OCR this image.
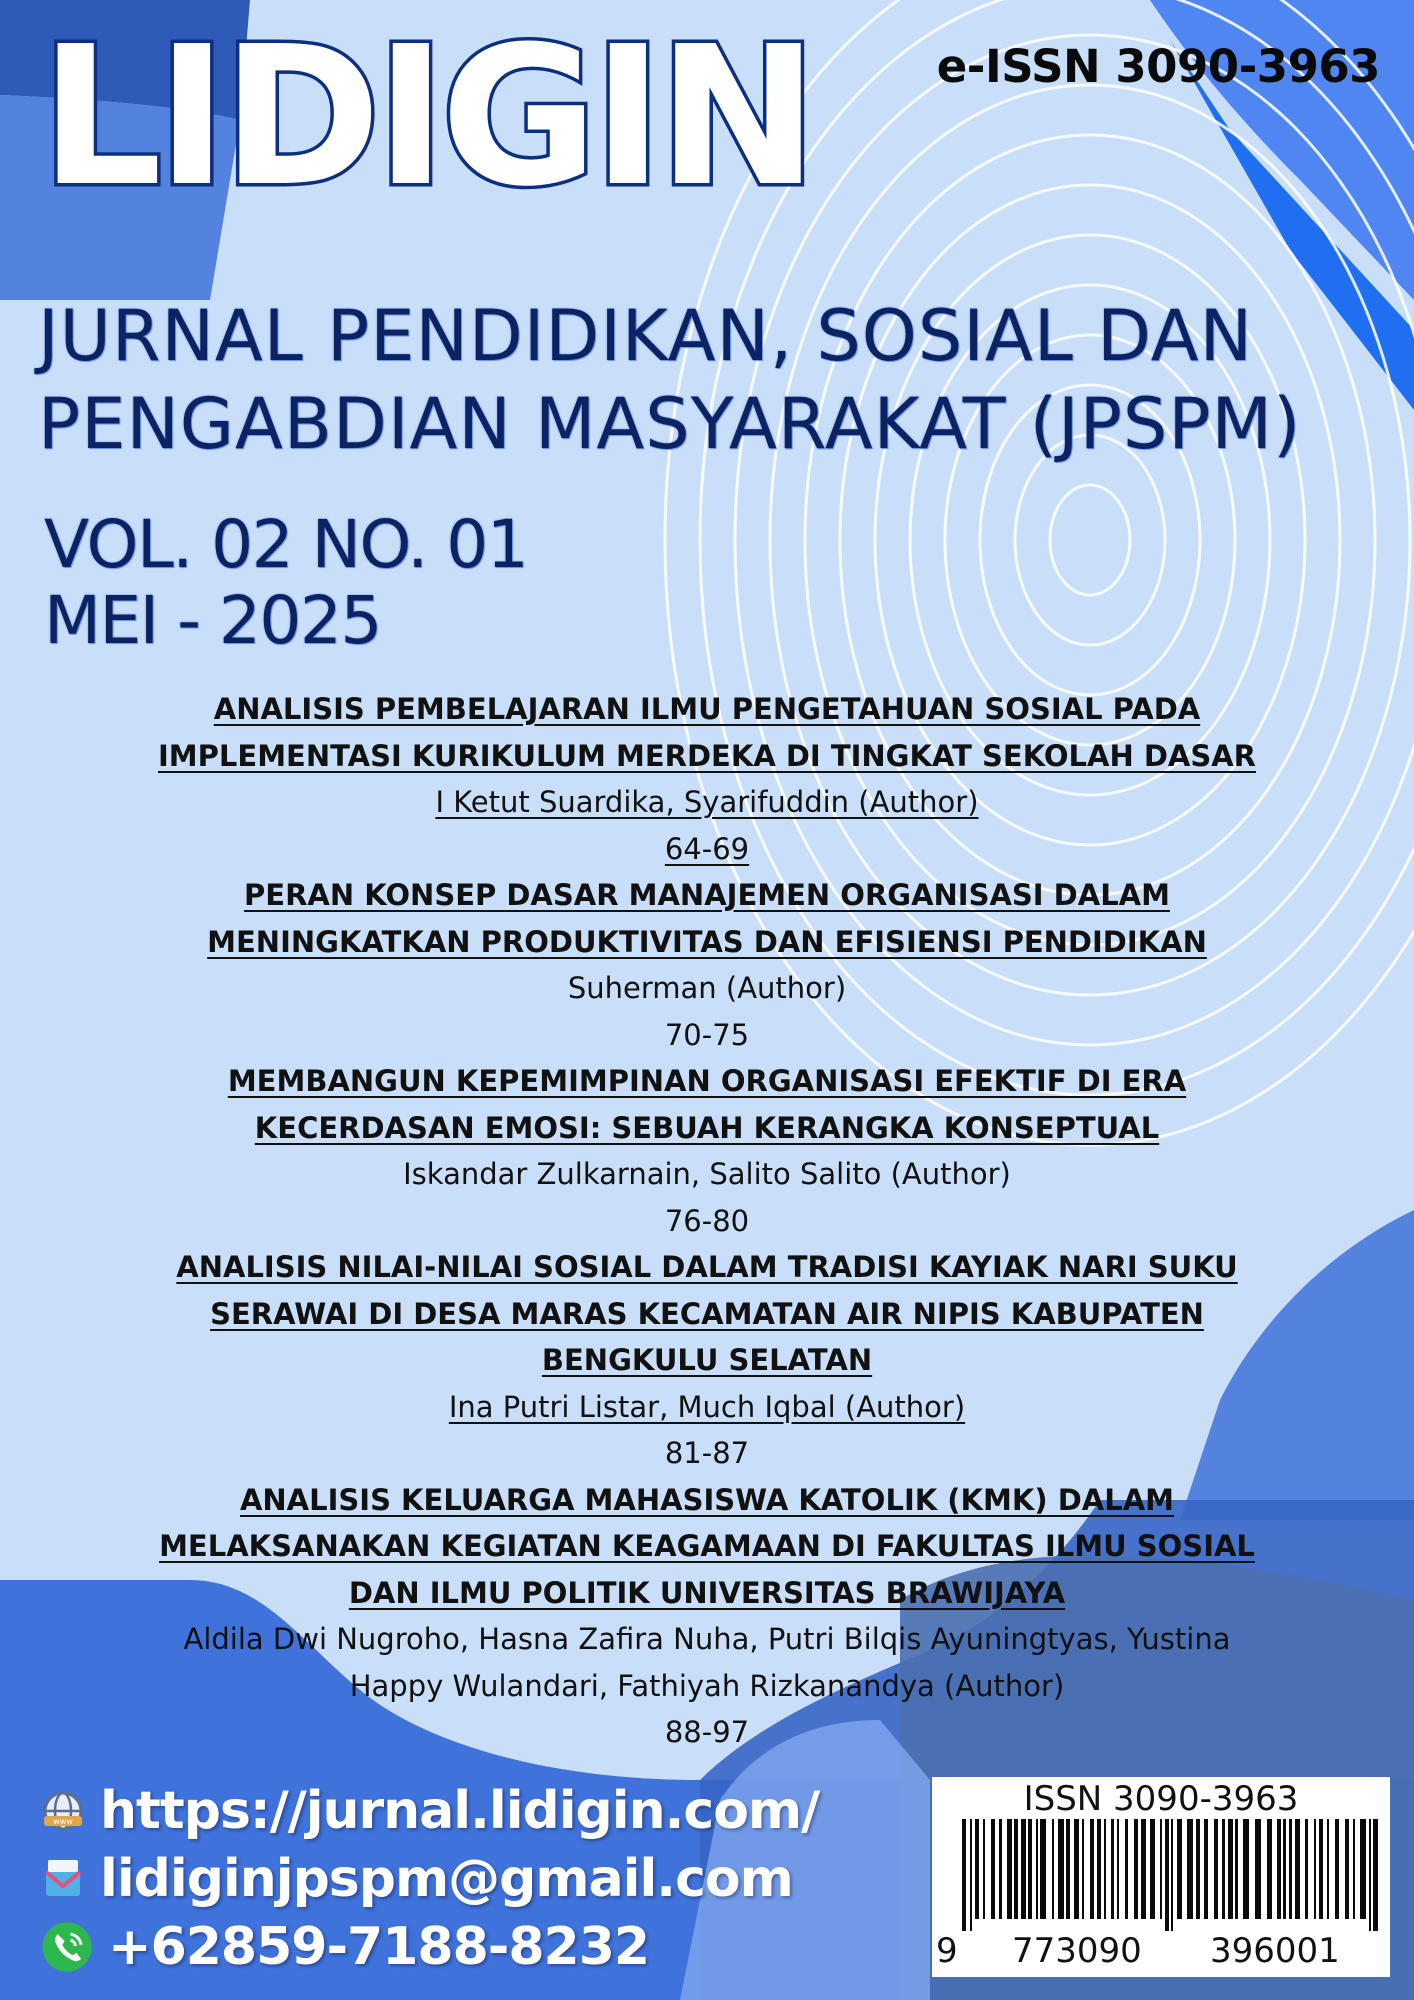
LIDIGIN	e-ISSN 3090-3963
JURNAL PENDIDIKAN, SOSIAL DAN
PENGABDIAN MASYARAKAT (JPSPM)
VOL. 02 NO. 01
MEI - 2025
ANALISIS PEMBELAJARAN ILMU PENGETAHUAN SOSIAL PADA
IMPLEMENTASI KURIKULUM MERDEKA DI TINGKAT SEKOLAH DASAR
I Ketut Suardika, Syarifuddin (Author)
64-69
PERAN KONSEP DASAR MANAJEMEN ORGANISASI DALAM
MENINGKATKAN PRODUKTIVITAS DAN EFISIENSI PENDIDIKAN
Suherman (Author)
70-75
MEMBANGUN KEPEMIMPINAN ORGANISASI EFEKTIF DI ERA
KECERDASAN EMOSI: SEBUAH KERANGKA KONSEPTUAL
Iskandar Zulkarnain, Salito Salito (Author)
76-80
ANALISIS NILAI-NILAI SOSIAL DALAM TRADISI KAYIAK NARI SUKU
SERAWAI DI DESA MARAS KECAMATAN AIR NIPIS KABUPATEN
BENGKULU SELATAN
Ina Putri Listar, Much Iqbal (Author)
81-87
ANALISIS KELUARGA MAHASISWA KATOLIK (KMK) DALAM
MELAKSANAKAN KEGIATAN KEAGAMAAN DI FAKULTAS ILMU SOSIAL
DAN ILMU POLITIK UNIVERSITAS BRAWIJAYA
Aldila Dwi Nugroho, Hasna Zafira Nuha, Putri Bilqis Ayuningtyas, Yustina
Happy Wulandari, Fathiyah Rizkanandya (Author)
88-97
www https://jurnal.lidigin.com/
lidiginjpspm@gmail.com
+62859-7188-8232
ISSN 3090-3963
9 773090 396001
